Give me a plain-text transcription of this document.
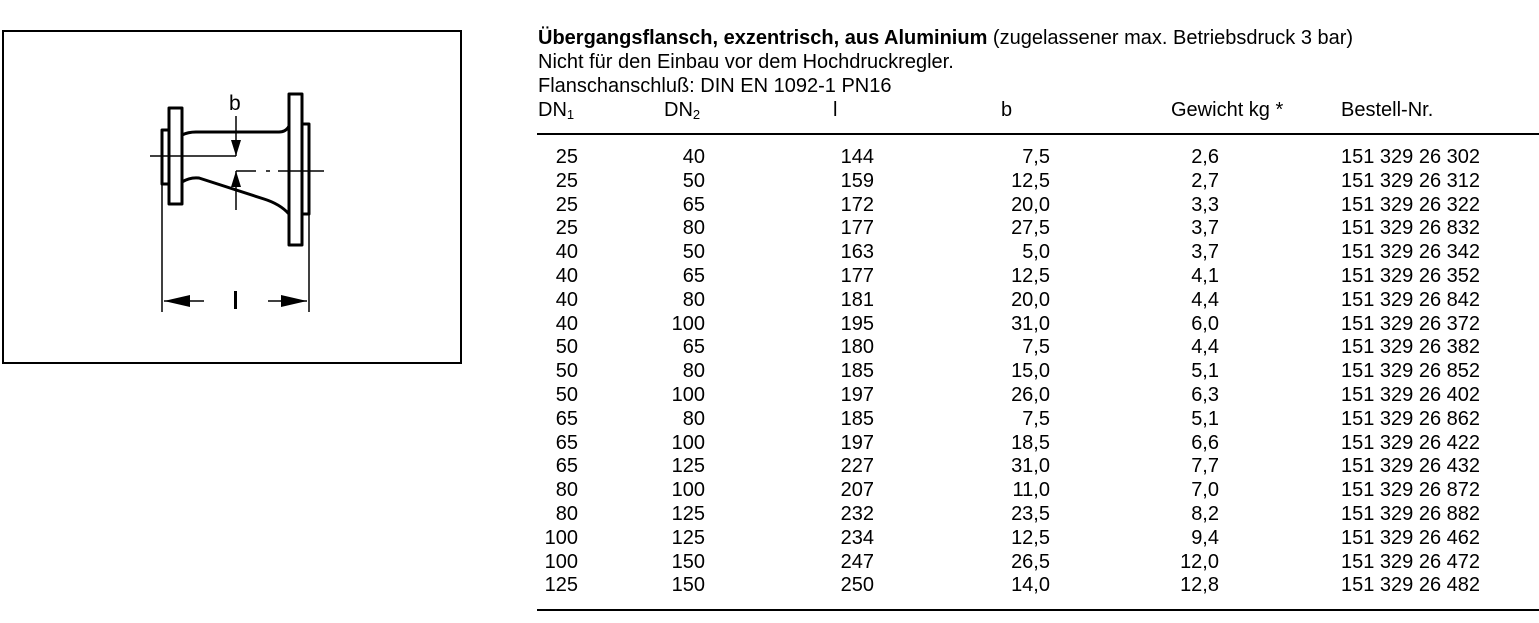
b
Übergangsflansch, exzentrisch, aus Aluminium (zugelassener max. Betriebsdruck 3 bar)
Nicht für den Einbau vor dem Hochdruckregler.
Flanschanschluß: DIN EN 1092-1 PN16
$DN_1$	$DN_2$	l	b	Gewicht kg *	Bestell-Nr.
25	40	144	7,5	2,6	151 329 26 302
25	50	159	12,5	2,7	151 329 26 312
25	65	172	20,0	3,3	151 329 26 322
25	80	177	27,5	3,7	151 329 26 832
40	50	163	5,0	3,7	151 329 26 342
40	65	177	12,5	4,1	151 329 26 352
40	80	181	20,0	4,4	151 329 26 842
40	100	195	31,0	6,0	151 329 26 372
50	65	180	7,5	4,4	151 329 26 382
50	80	185	15,0	5,1	151 329 26 852
50	100	197	26,0	6,3	151 329 26 402
65	80	185	7,5	5,1	151 329 26 862
65	100	197	18,5	6,6	151 329 26 422
65	125	227	31,0	7,7	151 329 26 432
80	100	207	11,0	7,0	151 329 26 872
80	125	232	23,5	8,2	151 329 26 882
100	125	234	12,5	9,4	151 329 26 462
100	150	247	26,5	12,0	151 329 26 472
125	150	250	14,0	12,8	151 329 26 482
